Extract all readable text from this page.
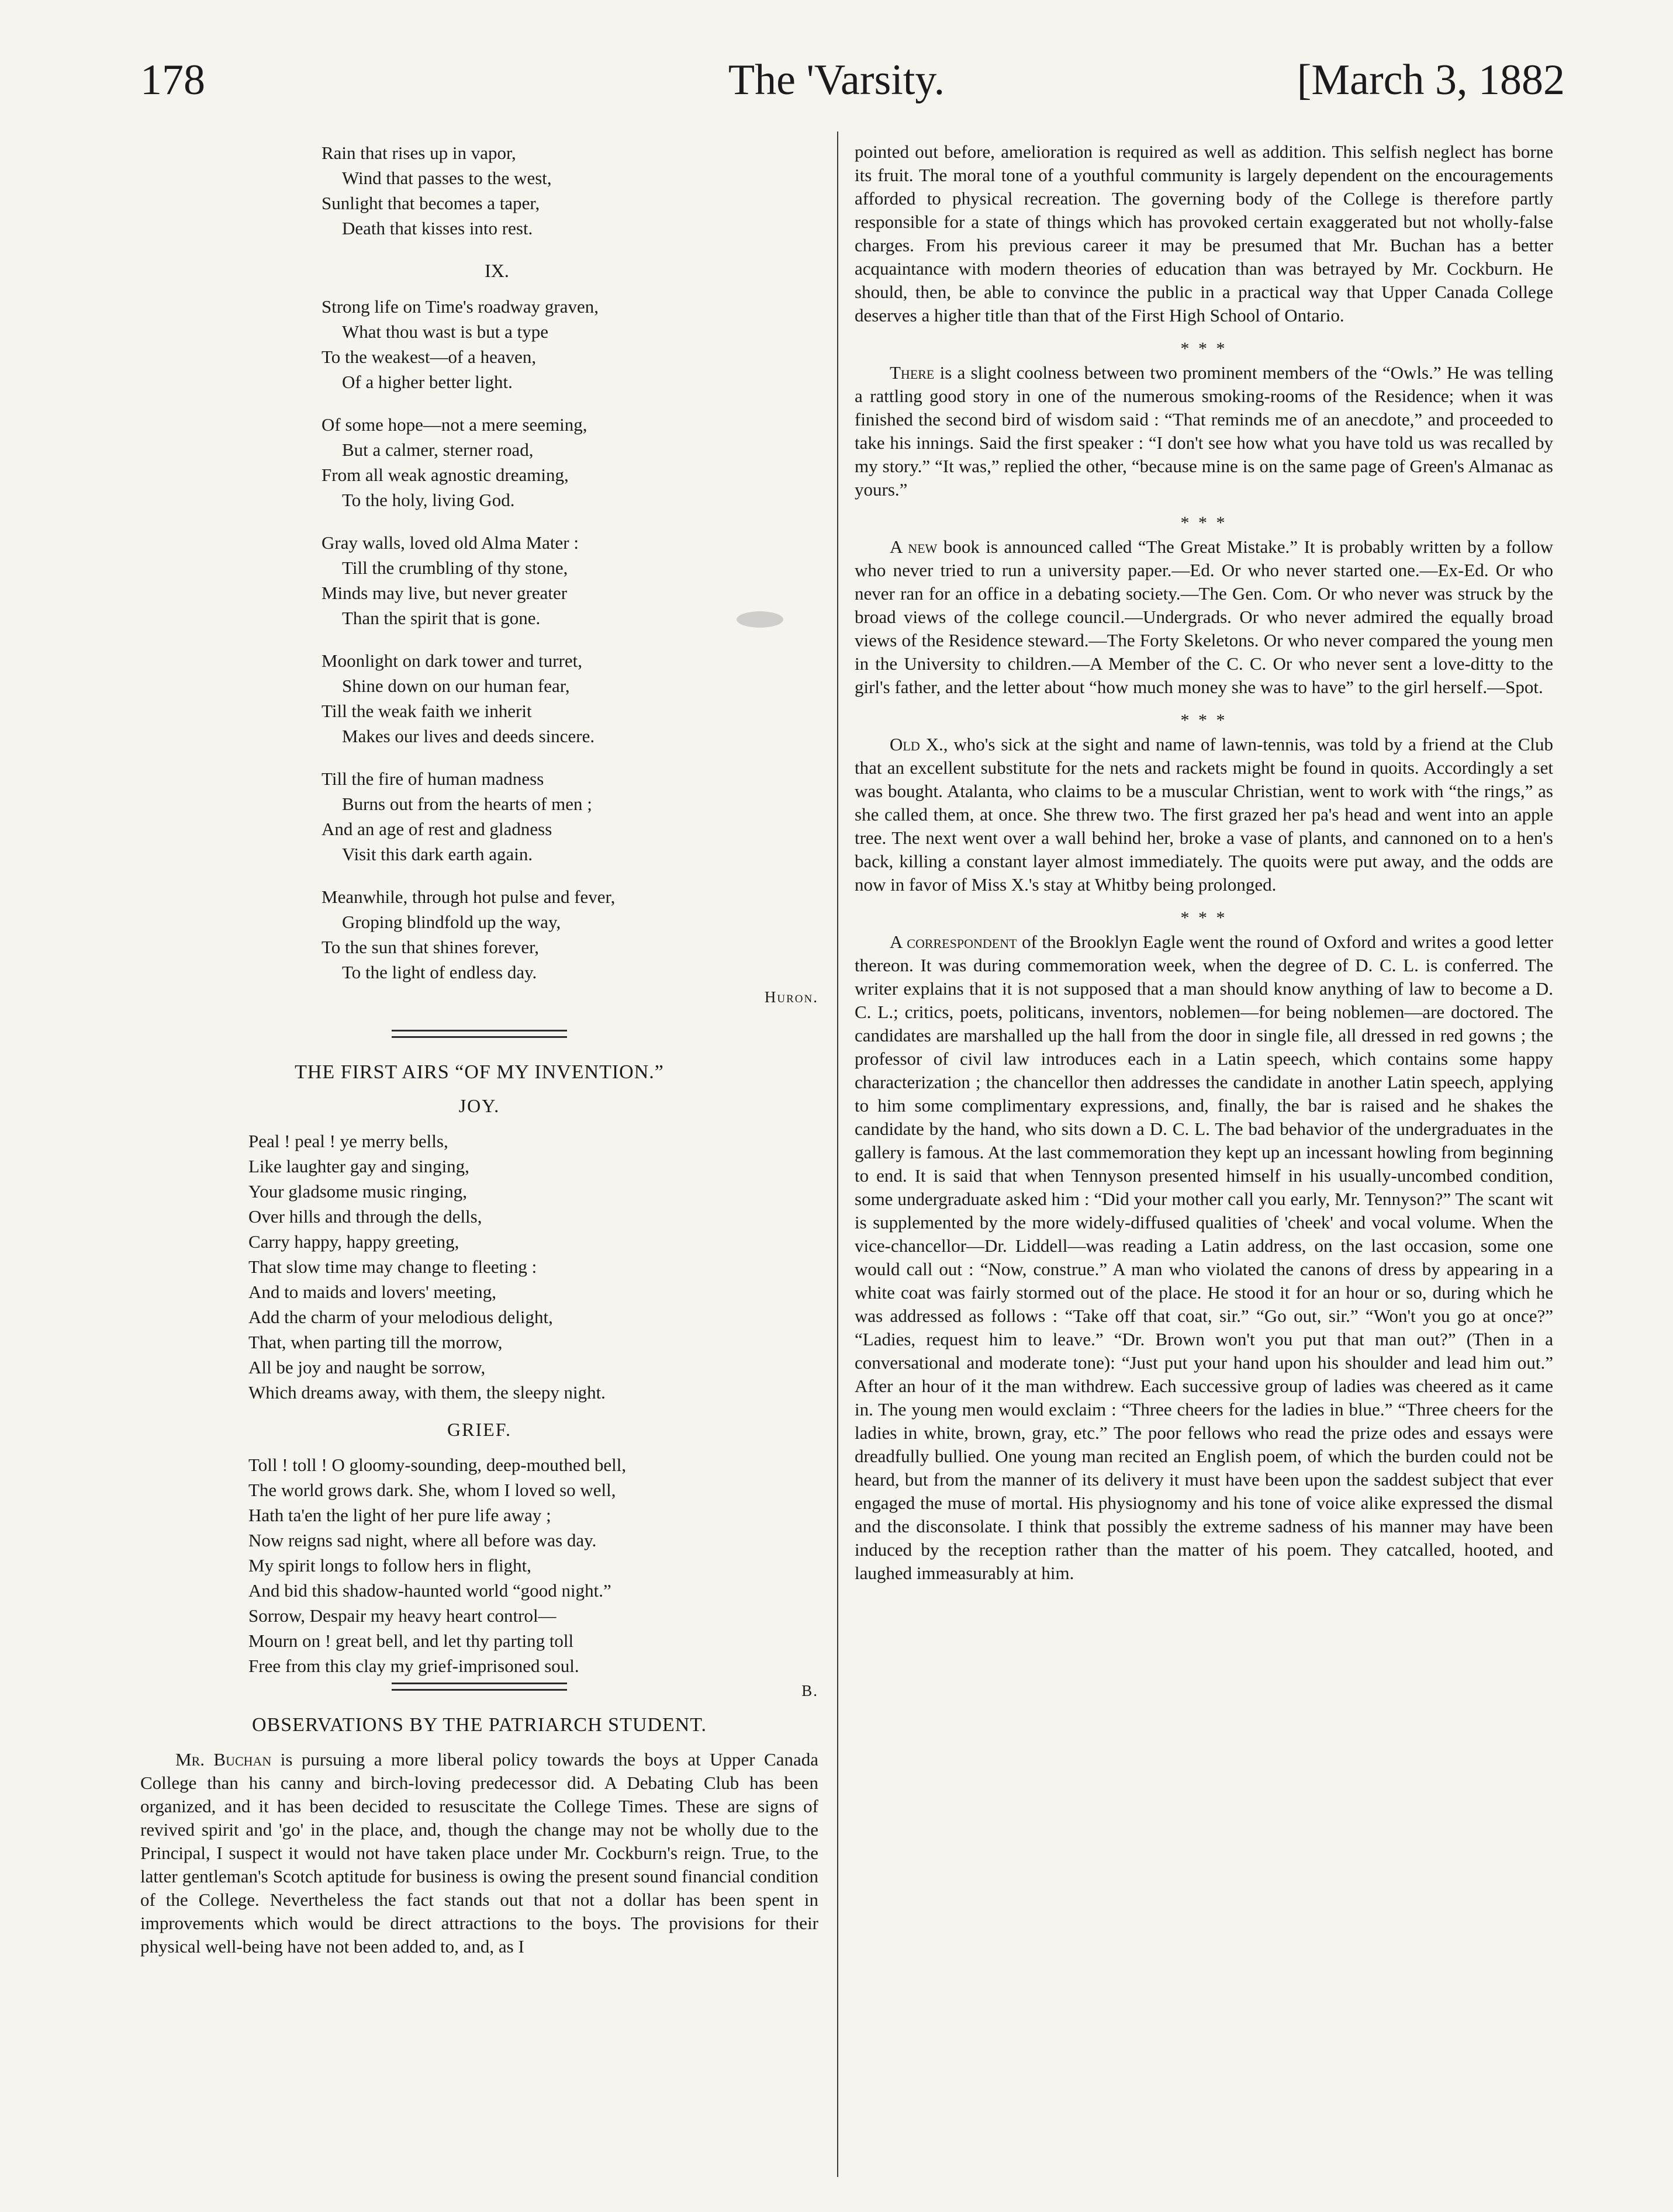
178	The 'Varsity.	[March 3, 1882

Rain that rises up in vapor,

Wind that passes to the west,

Sunlight that becomes a taper,

Death that kisses into rest.

IX.

Strong life on Time's roadway graven,

What thou wast is but a type

To the weakest—of a heaven,

Of a higher better light.

Of some hope—not a mere seeming,

But a calmer, sterner road,

From all weak agnostic dreaming,

To the holy, living God.

Gray walls, loved old Alma Mater :

Till the crumbling of thy stone,

Minds may live, but never greater

Than the spirit that is gone.

Moonlight on dark tower and turret,

Shine down on our human fear,

Till the weak faith we inherit

Makes our lives and deeds sincere.

Till the fire of human madness

Burns out from the hearts of men ;

And an age of rest and gladness

Visit this dark earth again.

Meanwhile, through hot pulse and fever,

Groping blindfold up the way,

To the sun that shines forever,

To the light of endless day.

Huron.

THE FIRST AIRS “OF MY INVENTION.”
JOY.

Peal ! peal ! ye merry bells,

Like laughter gay and singing,

Your gladsome music ringing,

Over hills and through the dells,

Carry happy, happy greeting,

That slow time may change to fleeting :

And to maids and lovers' meeting,

Add the charm of your melodious delight,

That, when parting till the morrow,

All be joy and naught be sorrow,

Which dreams away, with them, the sleepy night.

GRIEF.

Toll ! toll ! O gloomy-sounding, deep-mouthed bell,

The world grows dark. She, whom I loved so well,

Hath ta'en the light of her pure life away ;

Now reigns sad night, where all before was day.

My spirit longs to follow hers in flight,

And bid this shadow-haunted world “good night.”

Sorrow, Despair my heavy heart control—

Mourn on ! great bell, and let thy parting toll

Free from this clay my grief-imprisoned soul.

B.

OBSERVATIONS BY THE PATRIARCH STUDENT.

Mr. Buchan is pursuing a more liberal policy towards the boys at Upper Canada College than his canny and birch-loving predecessor did. A Debating Club has been organized, and it has been decided to resuscitate the College Times. These are signs of revived spirit and 'go' in the place, and, though the change may not be wholly due to the Principal, I suspect it would not have taken place under Mr. Cockburn's reign. True, to the latter gentleman's Scotch aptitude for business is owing the present sound financial condition of the College. Nevertheless the fact stands out that not a dollar has been spent in improvements which would be direct attractions to the boys. The provisions for their physical well-being have not been added to, and, as I

pointed out before, amelioration is required as well as addition. This selfish neglect has borne its fruit. The moral tone of a youthful community is largely dependent on the encouragements afforded to physical recreation. The governing body of the College is therefore partly responsible for a state of things which has provoked certain exaggerated but not wholly-false charges. From his previous career it may be presumed that Mr. Buchan has a better acquaintance with modern theories of education than was betrayed by Mr. Cockburn. He should, then, be able to convince the public in a practical way that Upper Canada College deserves a higher title than that of the First High School of Ontario.

* * *

There is a slight coolness between two prominent members of the “Owls.” He was telling a rattling good story in one of the numerous smoking-rooms of the Residence; when it was finished the second bird of wisdom said : “That reminds me of an anecdote,” and proceeded to take his innings. Said the first speaker : “I don't see how what you have told us was recalled by my story.” “It was,” replied the other, “because mine is on the same page of Green's Almanac as yours.”

* * *

A new book is announced called “The Great Mistake.” It is probably written by a follow who never tried to run a university paper.—Ed. Or who never started one.—Ex-Ed. Or who never ran for an office in a debating society.—The Gen. Com. Or who never was struck by the broad views of the college council.—Undergrads. Or who never admired the equally broad views of the Residence steward.—The Forty Skeletons. Or who never compared the young men in the University to children.—A Member of the C. C. Or who never sent a love-ditty to the girl's father, and the letter about “how much money she was to have” to the girl herself.—Spot.

* * *

Old X., who's sick at the sight and name of lawn-tennis, was told by a friend at the Club that an excellent substitute for the nets and rackets might be found in quoits. Accordingly a set was bought. Atalanta, who claims to be a muscular Christian, went to work with “the rings,” as she called them, at once. She threw two. The first grazed her pa's head and went into an apple tree. The next went over a wall behind her, broke a vase of plants, and cannoned on to a hen's back, killing a constant layer almost immediately. The quoits were put away, and the odds are now in favor of Miss X.'s stay at Whitby being prolonged.

* * *

A correspondent of the Brooklyn Eagle went the round of Oxford and writes a good letter thereon. It was during commemoration week, when the degree of D. C. L. is conferred. The writer explains that it is not supposed that a man should know anything of law to become a D. C. L.; critics, poets, politicans, inventors, noblemen—for being noblemen—are doctored. The candidates are marshalled up the hall from the door in single file, all dressed in red gowns ; the professor of civil law introduces each in a Latin speech, which contains some happy characterization ; the chancellor then addresses the candidate in another Latin speech, applying to him some complimentary expressions, and, finally, the bar is raised and he shakes the candidate by the hand, who sits down a D. C. L. The bad behavior of the undergraduates in the gallery is famous. At the last commemoration they kept up an incessant howling from beginning to end. It is said that when Tennyson presented himself in his usually-uncombed condition, some undergraduate asked him : “Did your mother call you early, Mr. Tennyson?” The scant wit is supplemented by the more widely-diffused qualities of 'cheek' and vocal volume. When the vice-chancellor—Dr. Liddell—was reading a Latin address, on the last occasion, some one would call out : “Now, construe.” A man who violated the canons of dress by appearing in a white coat was fairly stormed out of the place. He stood it for an hour or so, during which he was addressed as follows : “Take off that coat, sir.” “Go out, sir.” “Won't you go at once?” “Ladies, request him to leave.” “Dr. Brown won't you put that man out?” (Then in a conversational and moderate tone): “Just put your hand upon his shoulder and lead him out.” After an hour of it the man withdrew. Each successive group of ladies was cheered as it came in. The young men would exclaim : “Three cheers for the ladies in blue.” “Three cheers for the ladies in white, brown, gray, etc.” The poor fellows who read the prize odes and essays were dreadfully bullied. One young man recited an English poem, of which the burden could not be heard, but from the manner of its delivery it must have been upon the saddest subject that ever engaged the muse of mortal. His physiognomy and his tone of voice alike expressed the dismal and the disconsolate. I think that possibly the extreme sadness of his manner may have been induced by the reception rather than the matter of his poem. They catcalled, hooted, and laughed immeasurably at him.
